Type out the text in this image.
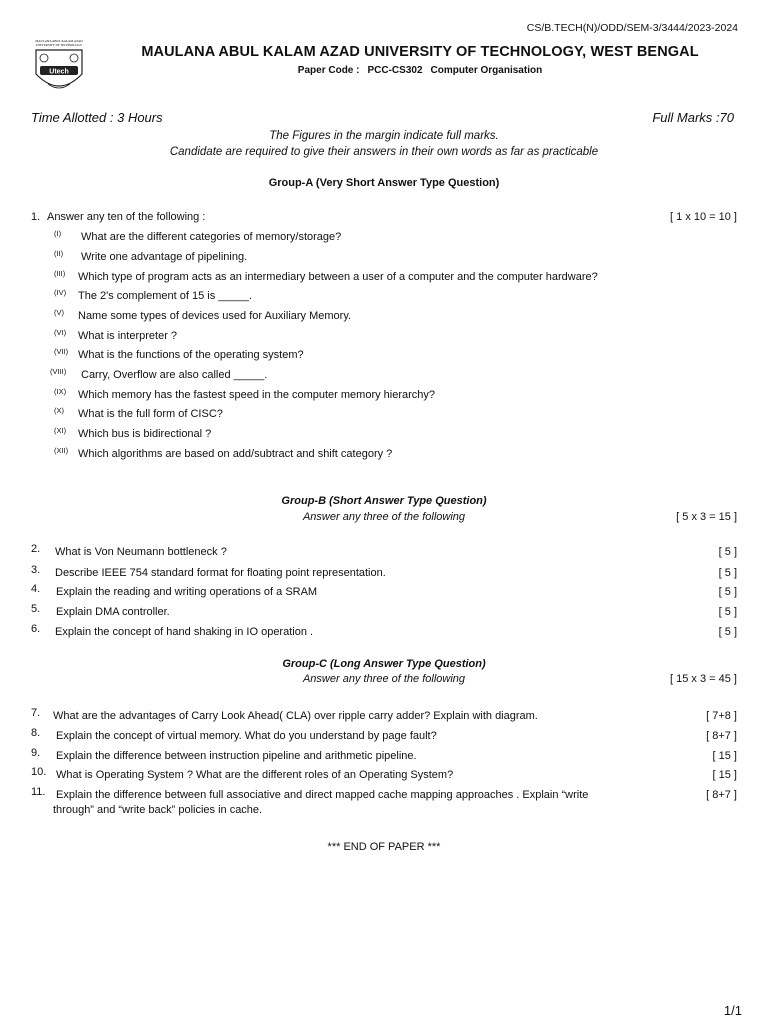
CS/B.TECH(N)/ODD/SEM-3/3444/2023-2024
MAULANA ABUL KALAM AZAD
UNIVERSITY OF TECHNOLOGY
Utech
MAULANA ABUL KALAM AZAD UNIVERSITY OF TECHNOLOGY, WEST BENGAL
Paper Code : PCC-CS302 Computer Organisation
Time Allotted : 3 Hours	Full Marks :70
The Figures in the margin indicate full marks.
Candidate are required to give their answers in their own words as far as practicable
Group-A (Very Short Answer Type Question)
1. Answer any ten of the following :	[ 1 x 10 = 10 ]
(I) What are the different categories of memory/storage?
(II) Write one advantage of pipelining.
(III) Which type of program acts as an intermediary between a user of a computer and the computer hardware?
(IV) The 2's complement of 15 is _____.
(V) Name some types of devices used for Auxiliary Memory.
(VI) What is interpreter ?
(VII) What is the functions of the operating system?
(VIII) Carry, Overflow are also called _____.
(IX) Which memory has the fastest speed in the computer memory hierarchy?
(X) What is the full form of CISC?
(XI) Which bus is bidirectional ?
(XII) Which algorithms are based on add/subtract and shift category ?
Group-B (Short Answer Type Question)
Answer any three of the following	[ 5 x 3 = 15 ]
2. What is Von Neumann bottleneck ?	[ 5 ]
3. Describe IEEE 754 standard format for floating point representation.	[ 5 ]
4. Explain the reading and writing operations of a SRAM	[ 5 ]
5. Explain DMA controller.	[ 5 ]
6. Explain the concept of hand shaking in IO operation .	[ 5 ]
Group-C (Long Answer Type Question)
Answer any three of the following	[ 15 x 3 = 45 ]
7. What are the advantages of Carry Look Ahead( CLA) over ripple carry adder? Explain with diagram.	[ 7+8 ]
8. Explain the concept of virtual memory. What do you understand by page fault?	[ 8+7 ]
9. Explain the difference between instruction pipeline and arithmetic pipeline.	[ 15 ]
10. What is Operating System ? What are the different roles of an Operating System?	[ 15 ]
11. Explain the difference between full associative and direct mapped cache mapping approaches . Explain “write	[ 8+7 ]
through” and “write back” policies in cache.
*** END OF PAPER ***
1/1
